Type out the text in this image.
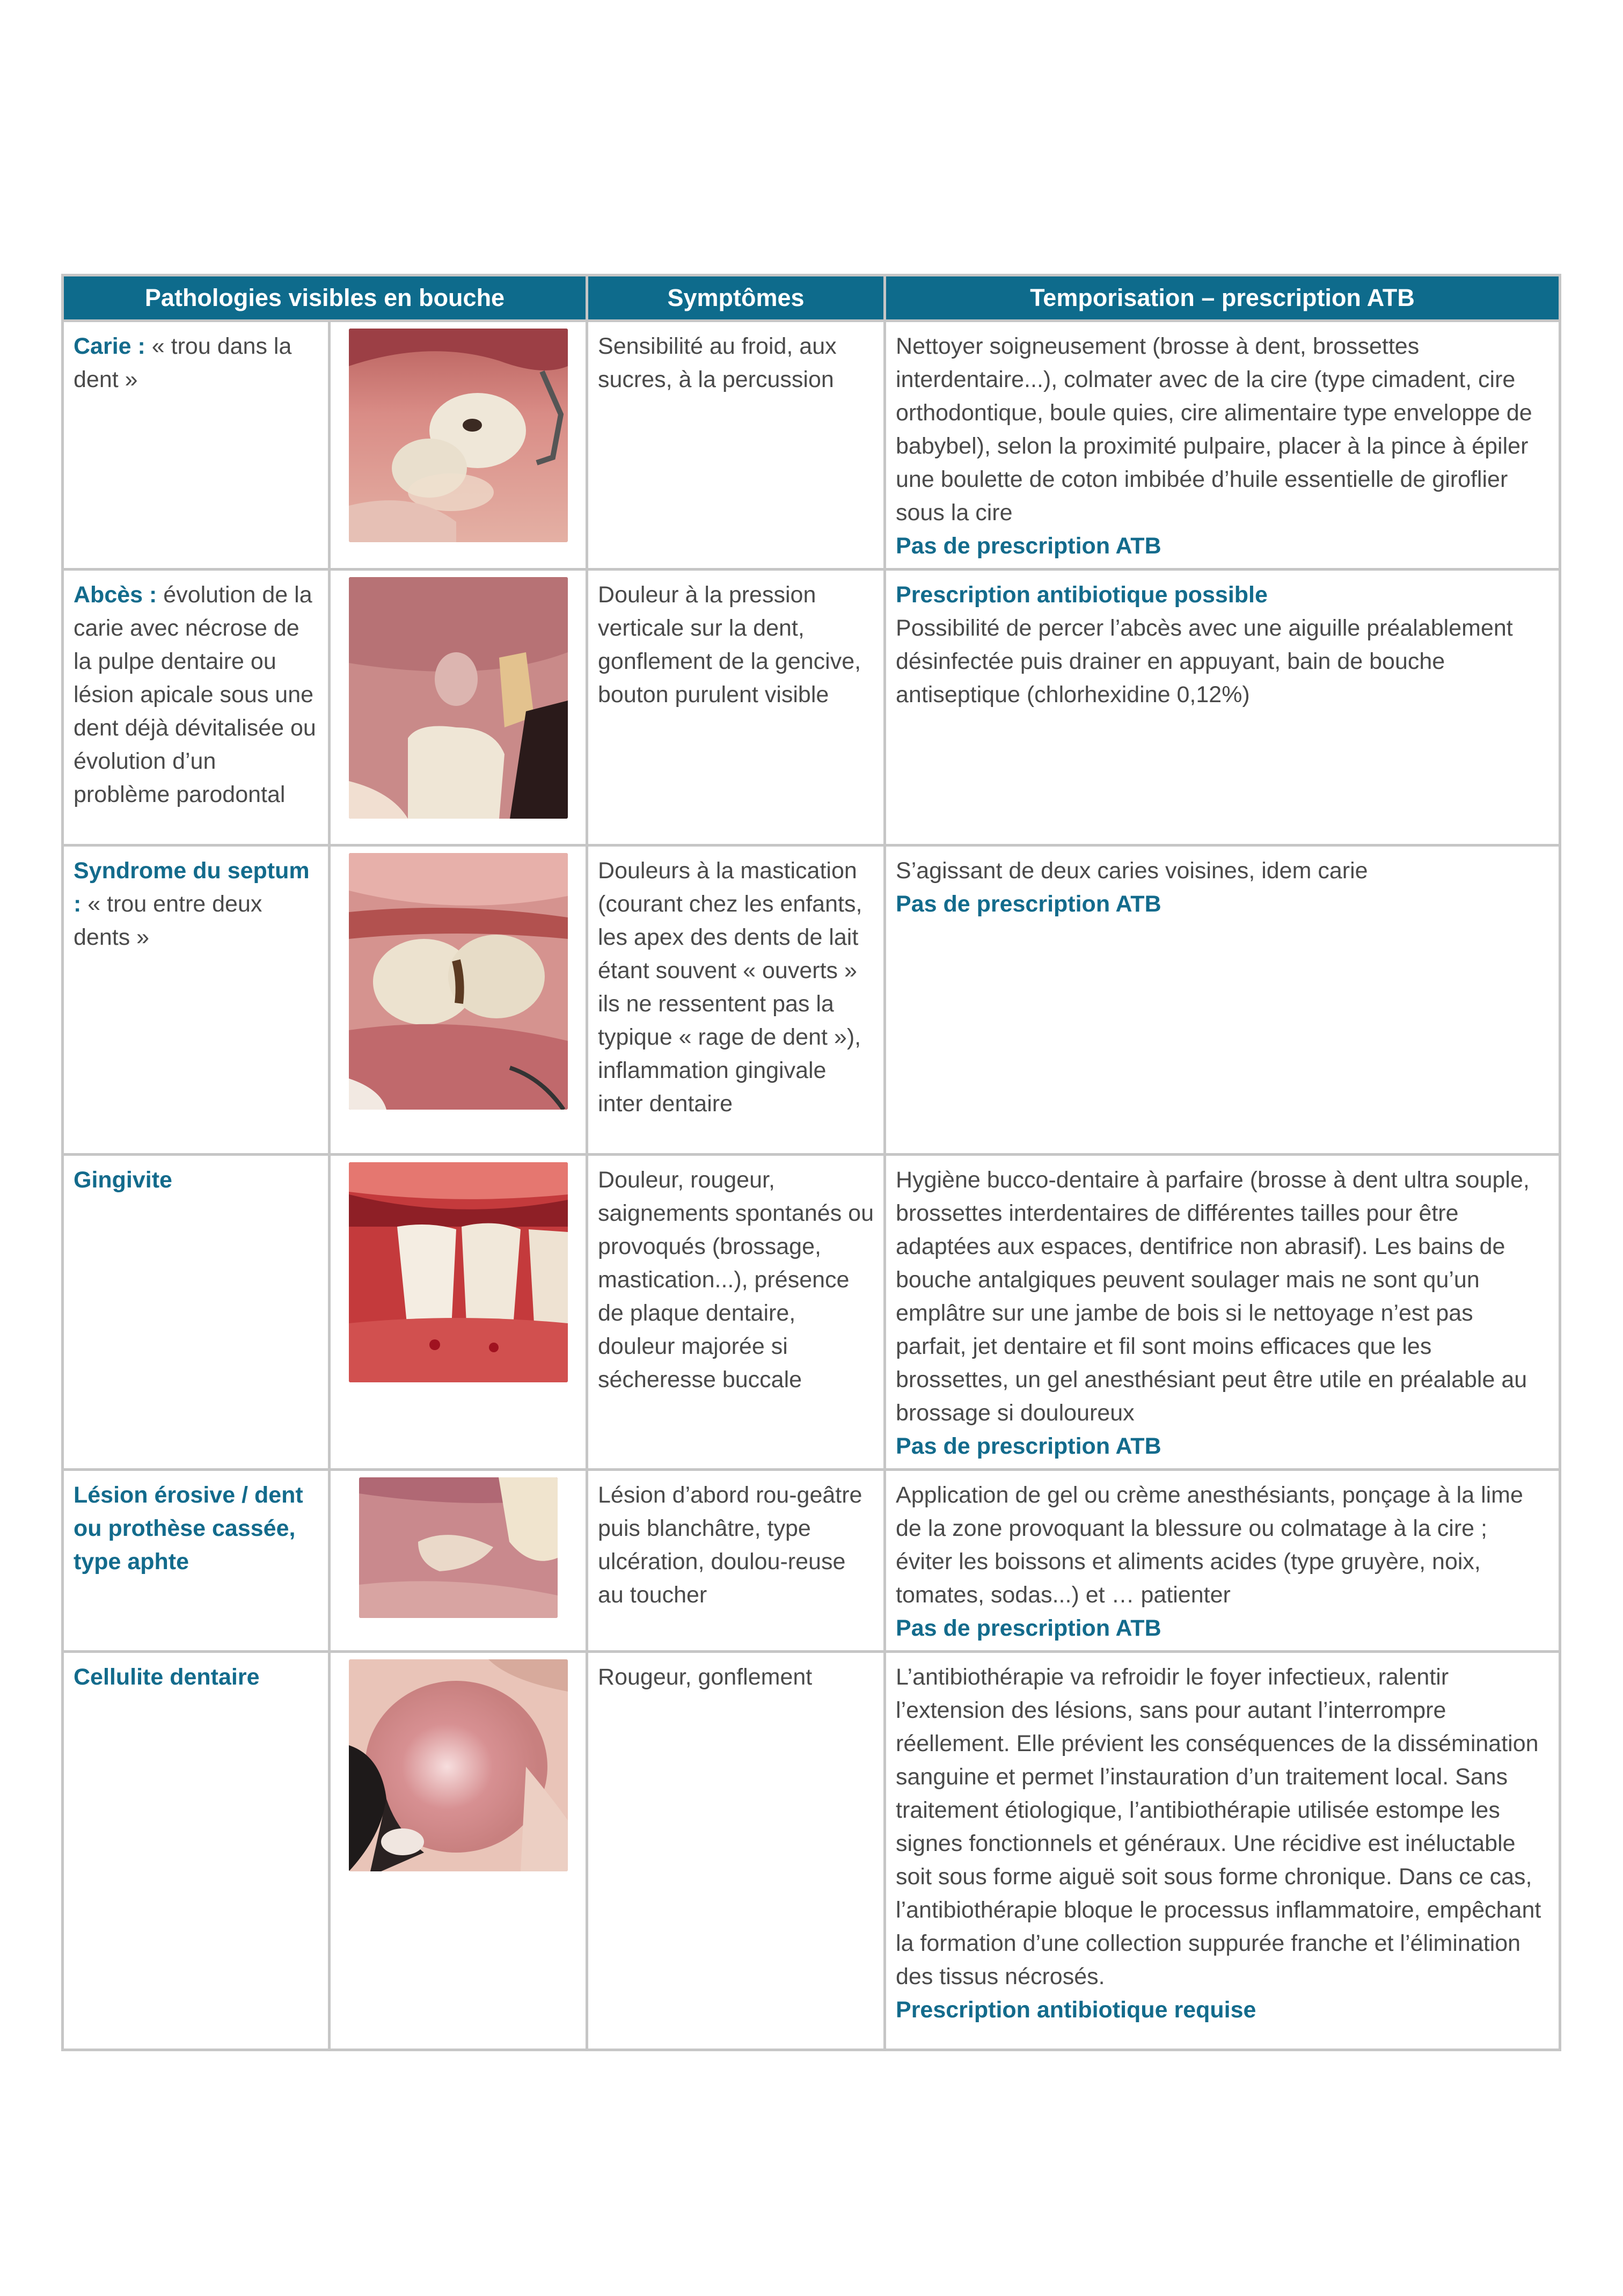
Pathologies visibles en bouche		Symptômes	Temporisation – prescription ATB
Carie : « trou dans la dent »		Sensibilité au froid, aux sucres, à la percussion	Nettoyer soigneusement (brosse à dent, brossettes interdentaire...), colmater avec de la cire (type cimadent, cire orthodontique, boule quies, cire alimentaire type enveloppe de babybel), selon la proximité pulpaire, placer à la pince à épiler une boulette de coton imbibée d’huile essentielle de giroflier sous la cire
Pas de prescription ATB

Abcès : évolution de la carie avec nécrose de la pulpe dentaire ou lésion apicale sous une dent déjà dévitalisée ou évolution d’un problème parodontal		Douleur à la pression verticale sur la dent, gonflement de la gencive, bouton purulent visible	Prescription antibiotique possible
Possibilité de percer l’abcès avec une aiguille préalablement désinfectée puis drainer en appuyant, bain de bouche antiseptique (chlorhexidine 0,12%)
Syndrome du septum : « trou entre deux dents »		Douleurs à la mastication (courant chez les enfants, les apex des dents de lait étant souvent « ouverts » ils ne ressentent pas la typique « rage de dent »), inflammation gingivale inter dentaire	S’agissant de deux caries voisines, idem carie
Pas de prescription ATB

Gingivite		Douleur, rougeur, saignements spontanés ou provoqués (brossage, mastication...), présence de plaque dentaire, douleur majorée si sécheresse buccale	Hygiène bucco-dentaire à parfaire (brosse à dent ultra souple, brossettes interdentaires de différentes tailles pour être adaptées aux espaces, dentifrice non abrasif). Les bains de bouche antalgiques peuvent soulager mais ne sont qu’un emplâtre sur une jambe de bois si le nettoyage n’est pas parfait, jet dentaire et fil sont moins efficaces que les brossettes, un gel anesthésiant peut être utile en préalable au brossage si douloureux
Pas de prescription ATB

Lésion érosive / dent ou prothèse cassée, type aphte		Lésion d’abord rou-geâtre puis blanchâtre, type ulcération, doulou-reuse au toucher	Application de gel ou crème anesthésiants, ponçage à la lime de la zone provoquant la blessure ou colmatage à la cire ; éviter les boissons et aliments acides (type gruyère, noix, tomates, sodas...) et … patienter
Pas de prescription ATB

Cellulite dentaire		Rougeur, gonflement	L’antibiothérapie va refroidir le foyer infectieux, ralentir l’extension des lésions, sans pour autant l’interrompre réellement. Elle prévient les conséquences de la dissémination sanguine et permet l’instauration d’un traitement local. Sans traitement étiologique, l’antibiothérapie utilisée estompe les signes fonctionnels et généraux. Une récidive est inéluctable soit sous forme aiguë soit sous forme chronique. Dans ce cas, l’antibiothérapie bloque le processus inflammatoire, empêchant la formation d’une collection suppurée franche et l’élimination des tissus nécrosés.
Prescription antibiotique requise
